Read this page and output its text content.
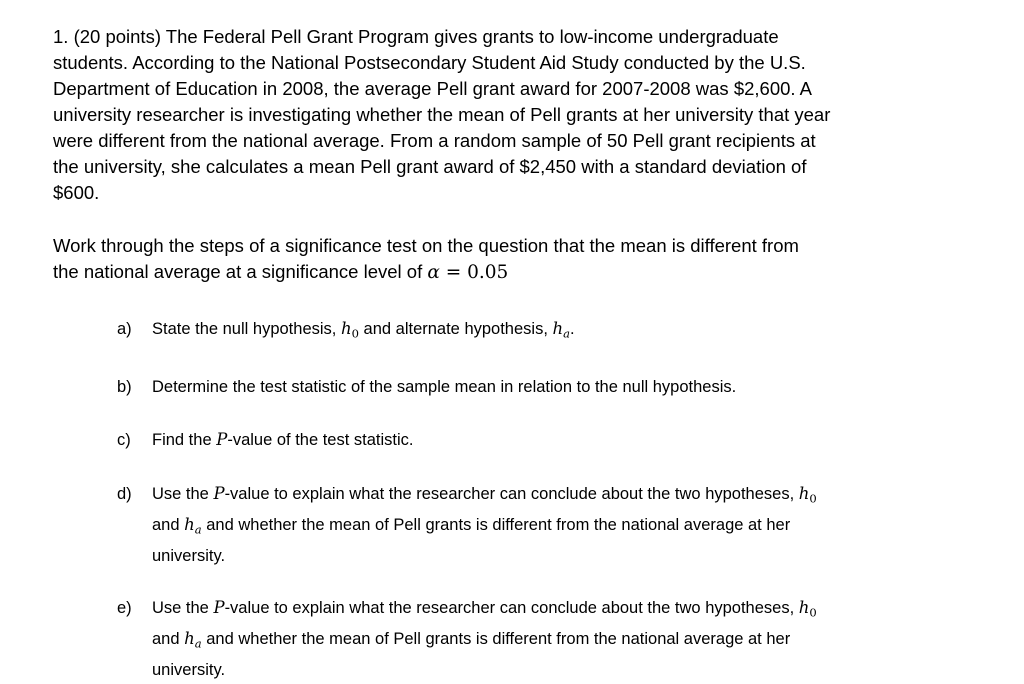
1. (20 points) The Federal Pell Grant Program gives grants to low-income undergraduate
students. According to the National Postsecondary Student Aid Study conducted by the U.S.
Department of Education in 2008, the average Pell grant award for 2007-2008 was $2,600. A
university researcher is investigating whether the mean of Pell grants at her university that year
were different from the national average. From a random sample of 50 Pell grant recipients at
the university, she calculates a mean Pell grant award of $2,450 with a standard deviation of
$600.

Work through the steps of a significance test on the question that the mean is different from
the national average at a significance level of α = 0.05

a) State the null hypothesis, $h_0$ and alternate hypothesis, $h_a$.
b) Determine the test statistic of the sample mean in relation to the null hypothesis.
c) Find the P-value of the test statistic.
d) Use the P-value to explain what the researcher can conclude about the two hypotheses, $h_0$
and $h_a$ and whether the mean of Pell grants is different from the national average at her
university.
e) Use the P-value to explain what the researcher can conclude about the two hypotheses, $h_0$
and $h_a$ and whether the mean of Pell grants is different from the national average at her
university.
